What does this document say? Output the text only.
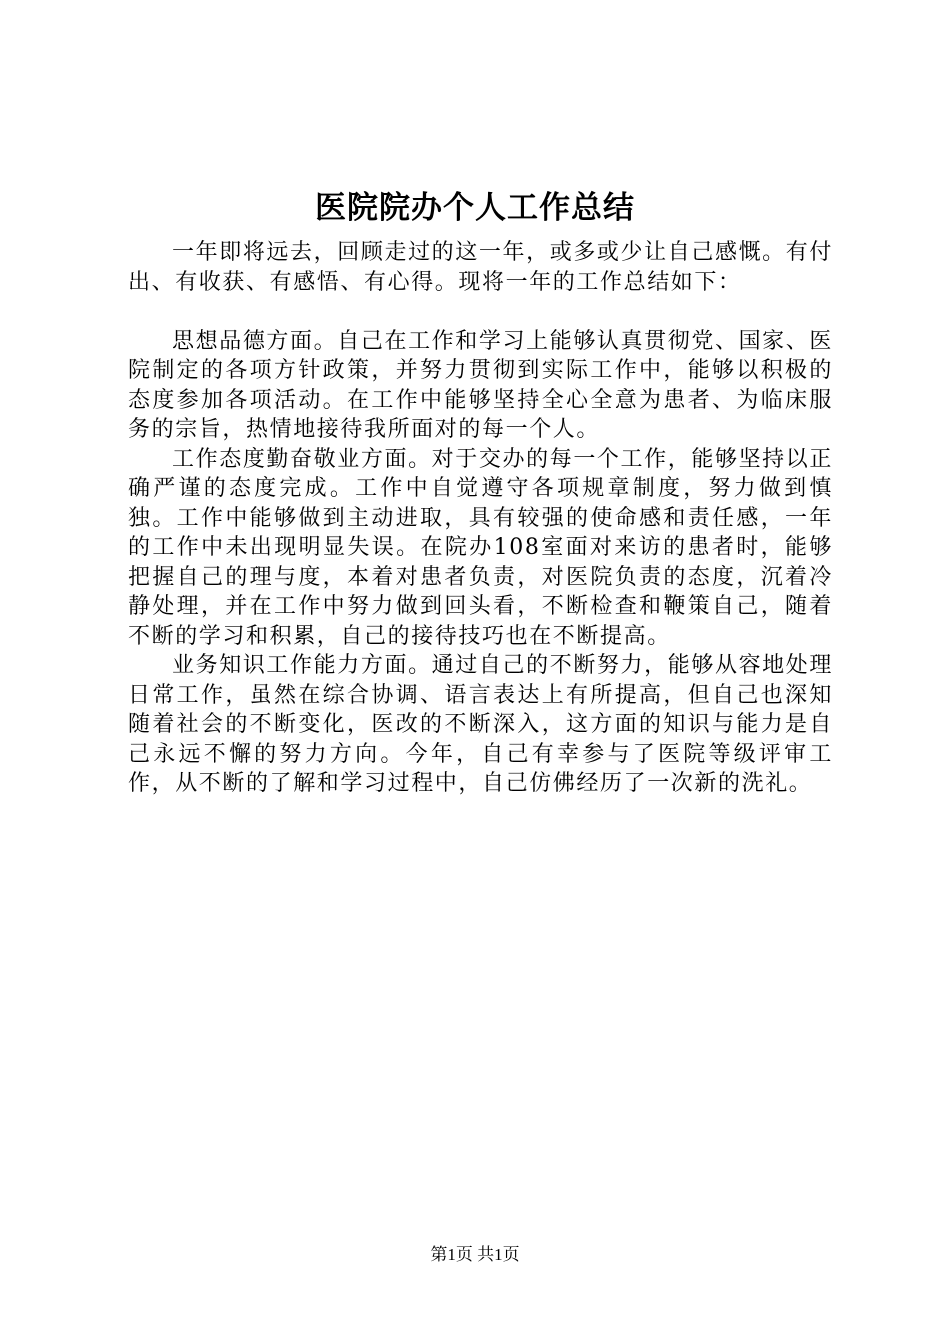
医院院办个人工作总结

一年即将远去，回顾走过的这一年，或多或少让自己感慨。有付出、有收获、有感悟、有心得。现将一年的工作总结如下：

思想品德方面。自己在工作和学习上能够认真贯彻党、国家、医院制定的各项方针政策，并努力贯彻到实际工作中，能够以积极的态度参加各项活动。在工作中能够坚持全心全意为患者、为临床服务的宗旨，热情地接待我所面对的每一个人。

工作态度勤奋敬业方面。对于交办的每一个工作，能够坚持以正确严谨的态度完成。工作中自觉遵守各项规章制度，努力做到慎独。工作中能够做到主动进取，具有较强的使命感和责任感，一年的工作中未出现明显失误。在院办108室面对来访的患者时，能够把握自己的理与度，本着对患者负责，对医院负责的态度，沉着冷静处理，并在工作中努力做到回头看，不断检查和鞭策自己，随着不断的学习和积累，自己的接待技巧也在不断提高。

业务知识工作能力方面。通过自己的不断努力，能够从容地处理日常工作，虽然在综合协调、语言表达上有所提高，但自己也深知随着社会的不断变化，医改的不断深入，这方面的知识与能力是自己永远不懈的努力方向。今年，自己有幸参与了医院等级评审工作，从不断的了解和学习过程中，自己仿佛经历了一次新的洗礼。

第1页 共1页
